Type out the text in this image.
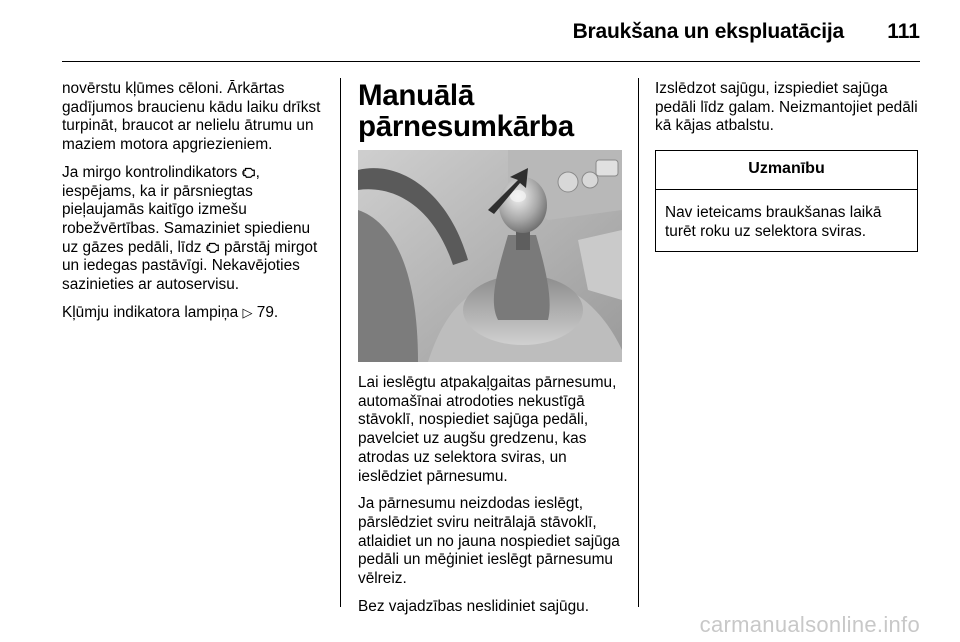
Braukšana un ekspluatācija 111

novērstu kļūmes cēloni. Ārkārtas gadījumos braucienu kādu laiku drīkst turpināt, braucot ar nelielu ātrumu un maziem motora apgriezieniem.

Ja mirgo kontrolindikators , iespējams, ka ir pārsniegtas pieļaujamās kaitīgo izmešu robežvērtības. Samaziniet spiedienu uz gāzes pedāli, līdz  pārstāj mirgot un iedegas pastāvīgi. Nekavējoties sazinieties ar autoservisu.

Kļūmju indikatora lampiņa ▷ 79.

Manuālā pārnesumkārba

Lai ieslēgtu atpakaļgaitas pārnesumu, automašīnai atrodoties nekustīgā stāvoklī, nospiediet sajūga pedāli, pavelciet uz augšu gredzenu, kas atrodas uz selektora sviras, un ieslēdziet pārnesumu.

Ja pārnesumu neizdodas ieslēgt, pārslēdziet sviru neitrālajā stāvoklī, atlaidiet un no jauna nospiediet sajūga pedāli un mēģiniet ieslēgt pārnesumu vēlreiz.

Bez vajadzības neslidiniet sajūgu.

Izslēdzot sajūgu, izspiediet sajūga pedāli līdz galam. Neizmantojiet pedāli kā kājas atbalstu.

Uzmanību
Nav ieteicams braukšanas laikā turēt roku uz selektora sviras.
carmanualsonline.info
